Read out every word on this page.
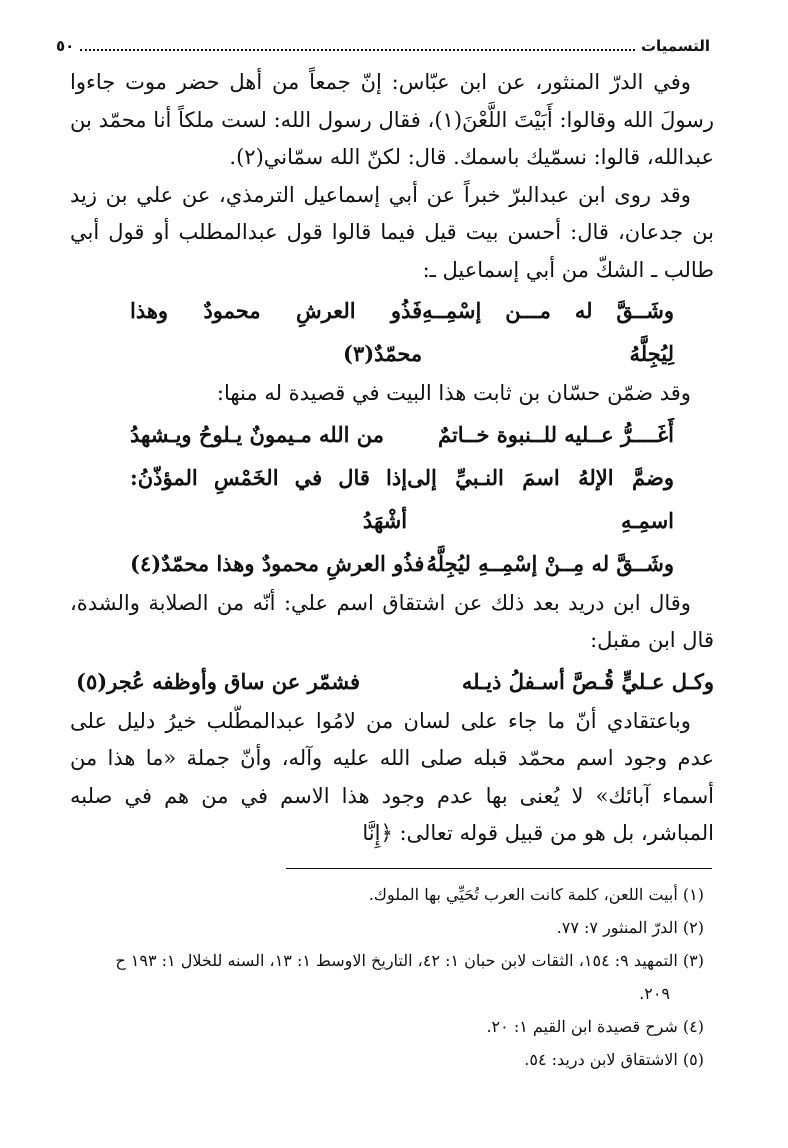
٥٠	التسميات

وفي الدرّ المنثور، عن ابن عبّاس: إنّ جمعاً من أهل حضر موت جاءوا رسولَ الله وقالوا: أَبَيْتَ اللَّعْنَ(١)، فقال رسول الله: لست ملكاً أنا محمّد بن عبدالله، قالوا: نسمّيك باسمك. قال: لكنّ الله سمّاني(٢).

وقد روى ابن عبدالبرّ خبراً عن أبي إسماعيل الترمذي، عن علي بن زيد بن جدعان، قال: أحسن بيت قيل فيما قالوا قول عبدالمطلب أو قول أبي طالب ـ الشكّ من أبي إسماعيل ـ:

وشَــقَّ له مـــن إسْمِــهِ لِيُجِلَّهُ
فَذُو العرشِ محمودٌ وهذا محمّدٌ(٣)

وقد ضمّن حسّان بن ثابت هذا البيت في قصيدة له منها:

أَغَــــرُّ عــليه للــنبوة خــاتمٌ
من الله مـيمونٌ يـلوحُ ويـشهدُ
وضمَّ الإلهُ اسمَ النـبيِّ إلى اسمِـهِ
إذا قال في الخَمْسِ المؤذّنُ: أشْهَدُ
وشَــقَّ له مِــنْ إسْمِــهِ ليُجِلَّهُ
فذُو العرشِ محمودٌ وهذا محمّدٌ(٤)

وقال ابن دريد بعد ذلك عن اشتقاق اسم علي: أنّه من الصلابة والشدة، قال ابن مقبل:

وكـل عـليٍّ قُـصَّ أسـفلُ ذيـله
فشمّر عن ساق وأوظفه عُجر(٥)

وباعتقادي أنّ ما جاء على لسان من لامُوا عبدالمطّلب خيرُ دليل على عدم وجود اسم محمّد قبله صلى الله عليه وآله، وأنّ جملة «ما هذا من أسماء آبائك» لا يُعنى بها عدم وجود هذا الاسم في من هم في صلبه المباشر، بل هو من قبيل قوله تعالى: ﴿إِنَّا

(١) أبيت اللعن، كلمة كانت العرب تُحَيِّي بها الملوك.

(٢) الدرّ المنثور ٧: ٧٧.

(٣) التمهيد ٩: ١٥٤، الثقات لابن حبان ١: ٤٢، التاريخ الاوسط ١: ١٣، السنه للخلال ١: ١٩٣ ح

٢٠٩.

(٤) شرح قصيدة ابن القيم ١: ٢٠.

(٥) الاشتقاق لابن دريد: ٥٤.
